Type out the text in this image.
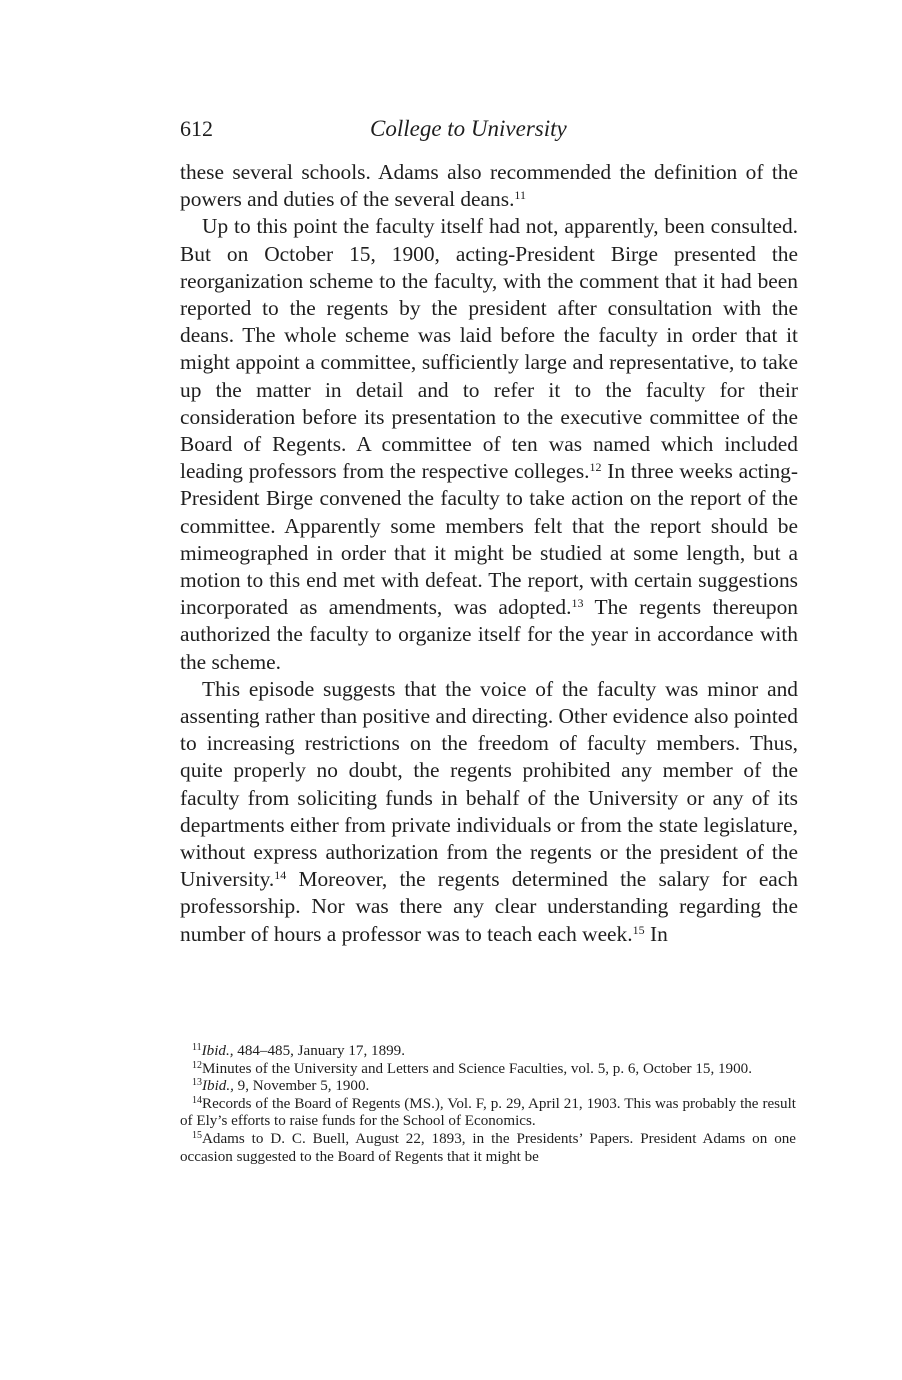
612	College to University

these several schools. Adams also recommended the definition of the powers and duties of the several deans.$^{11}$

Up to this point the faculty itself had not, apparently, been consulted. But on October 15, 1900, acting-President Birge presented the reorganization scheme to the faculty, with the comment that it had been reported to the regents by the president after consultation with the deans. The whole scheme was laid before the faculty in order that it might appoint a committee, sufficiently large and representative, to take up the matter in detail and to refer it to the faculty for their consideration before its presentation to the executive committee of the Board of Regents. A committee of ten was named which included leading professors from the respective colleges.$^{12}$ In three weeks acting-President Birge convened the faculty to take action on the report of the committee. Apparently some members felt that the report should be mimeographed in order that it might be studied at some length, but a motion to this end met with defeat. The report, with certain suggestions incorporated as amendments, was adopted.$^{13}$ The regents thereupon authorized the faculty to organize itself for the year in accordance with the scheme.

This episode suggests that the voice of the faculty was minor and assenting rather than positive and directing. Other evidence also pointed to increasing restrictions on the freedom of faculty members. Thus, quite properly no doubt, the regents prohibited any member of the faculty from soliciting funds in behalf of the University or any of its departments either from private individuals or from the state legislature, without express authorization from the regents or the president of the University.$^{14}$ Moreover, the regents determined the salary for each professorship. Nor was there any clear understanding regarding the number of hours a professor was to teach each week.$^{15}$ In

$^{11}$Ibid., 484–485, January 17, 1899.

$^{12}$Minutes of the University and Letters and Science Faculties, vol. 5, p. 6, October 15, 1900.

$^{13}$Ibid., 9, November 5, 1900.

$^{14}$Records of the Board of Regents (MS.), Vol. F, p. 29, April 21, 1903. This was probably the result of Ely’s efforts to raise funds for the School of Economics.

$^{15}$Adams to D. C. Buell, August 22, 1893, in the Presidents’ Papers. President Adams on one occasion suggested to the Board of Regents that it might be
